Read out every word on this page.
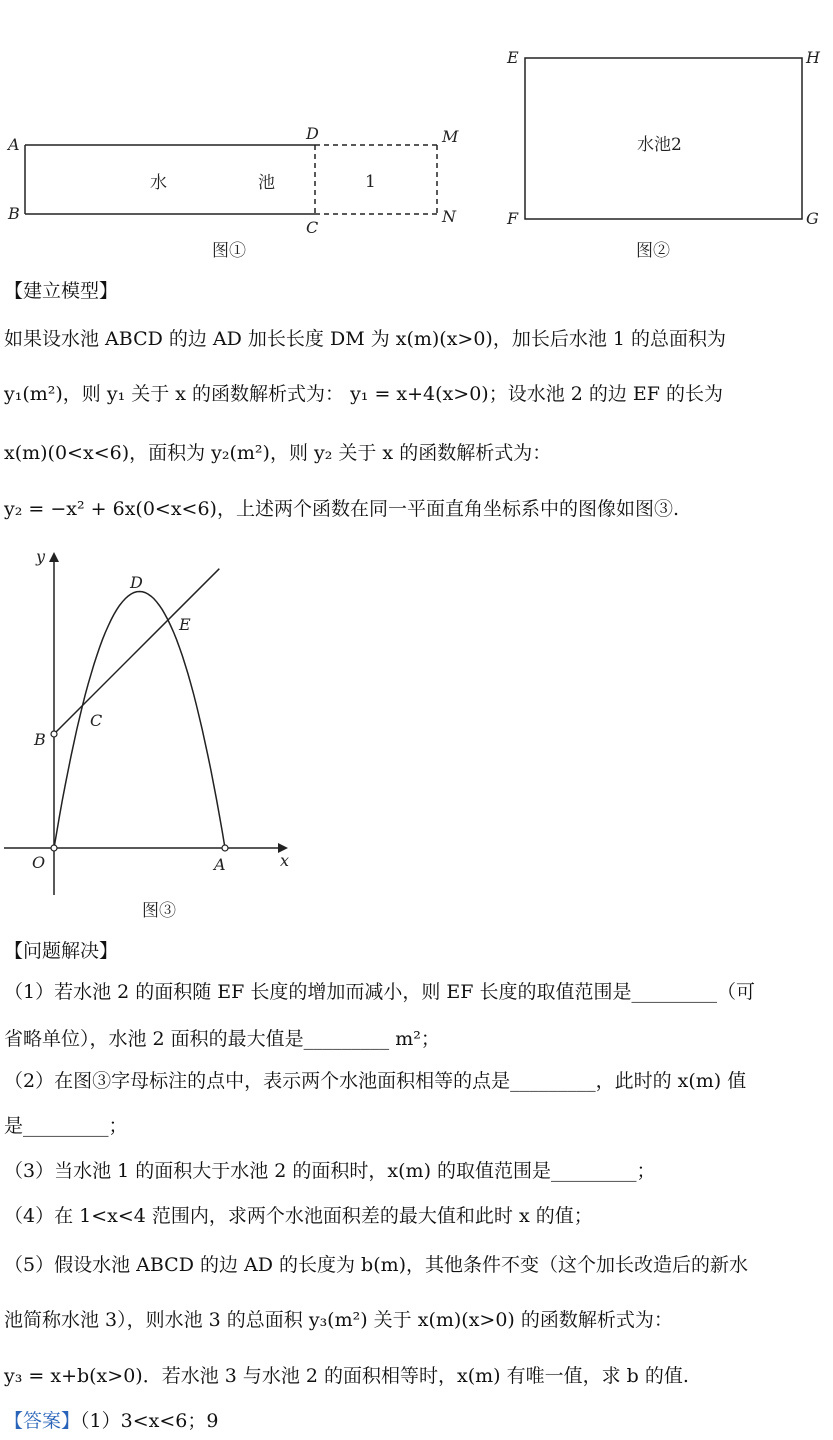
A
B
D
C
M
N
水	池	1
图①
E	H
F	G
水池2
图②
【建立模型】
如果设水池 ABCD 的边 AD 加长长度 DM 为 x(m)(x>0)，加长后水池 1 的总面积为
y₁(m²)，则 y₁ 关于 x 的函数解析式为： y₁ = x+4(x>0)；设水池 2 的边 EF 的长为
x(m)(0<x<6)，面积为 y₂(m²)，则 y₂ 关于 x 的函数解析式为：
y₂ = −x² + 6x(0<x<6)，上述两个函数在同一平面直角坐标系中的图像如图③.
y
x
O	A
B
C
D
E
图③
【问题解决】
（1）若水池 2 的面积随 EF 长度的增加而减小，则 EF 长度的取值范围是_________（可
省略单位），水池 2 面积的最大值是_________ m²；
（2）在图③字母标注的点中，表示两个水池面积相等的点是_________，此时的 x(m) 值
是_________；
（3）当水池 1 的面积大于水池 2 的面积时，x(m) 的取值范围是_________；
（4）在 1<x<4 范围内，求两个水池面积差的最大值和此时 x 的值；
（5）假设水池 ABCD 的边 AD 的长度为 b(m)，其他条件不变（这个加长改造后的新水
池简称水池 3），则水池 3 的总面积 y₃(m²) 关于 x(m)(x>0) 的函数解析式为：
y₃ = x+b(x>0)．若水池 3 与水池 2 的面积相等时，x(m) 有唯一值，求 b 的值.
【答案】（1）3<x<6；9
